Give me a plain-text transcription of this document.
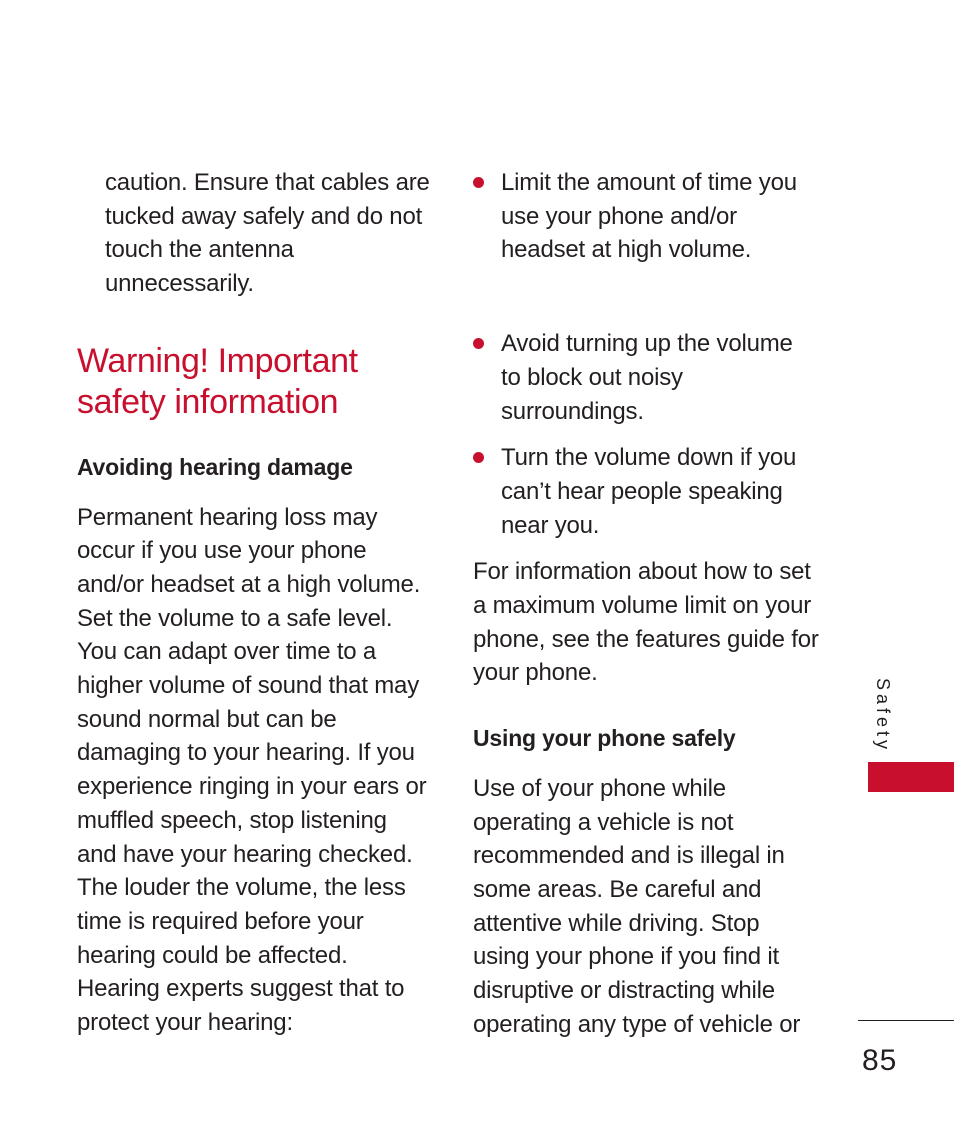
caution. Ensure that cables are
tucked away safely and do not
touch the antenna
unnecessarily.

Warning! Important
safety information

Avoiding hearing damage

Permanent hearing loss may
occur if you use your phone
and/or headset at a high volume.
Set the volume to a safe level.
You can adapt over time to a
higher volume of sound that may
sound normal but can be
damaging to your hearing. If you
experience ringing in your ears or
muffled speech, stop listening
and have your hearing checked.
The louder the volume, the less
time is required before your
hearing could be affected.
Hearing experts suggest that to
protect your hearing:

Limit the amount of time you
use your phone and/or
headset at high volume.
Avoid turning up the volume
to block out noisy
surroundings.
Turn the volume down if you
can’t hear people speaking
near you.

For information about how to set
a maximum volume limit on your
phone, see the features guide for
your phone.

Using your phone safely

Use of your phone while
operating a vehicle is not
recommended and is illegal in
some areas. Be careful and
attentive while driving. Stop
using your phone if you find it
disruptive or distracting while
operating any type of vehicle or

Safety
85
